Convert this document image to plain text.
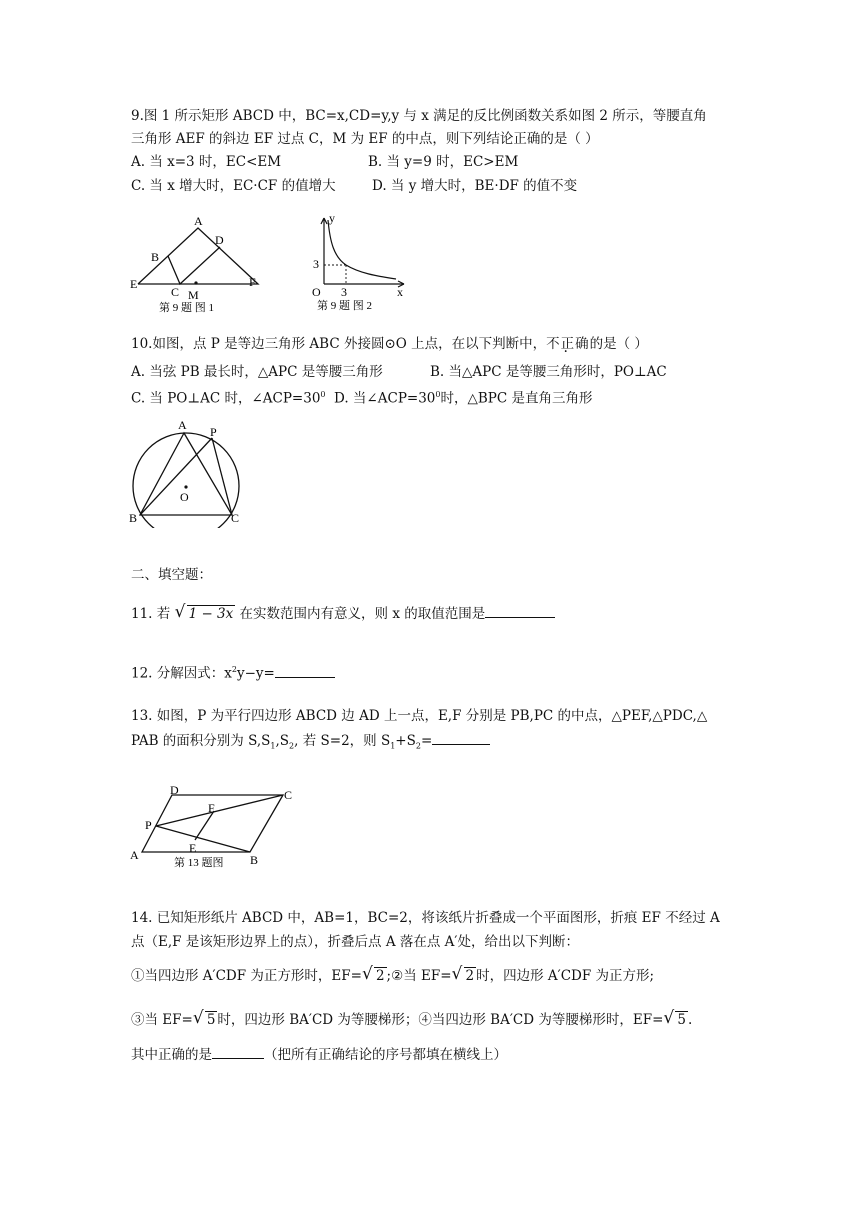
9.图 1 所示矩形 ABCD 中，BC=x,CD=y,y 与 x 满足的反比例函数关系如图 2 所示，等腰直角
三角形 AEF 的斜边 EF 过点 C，M 为 EF 的中点，则下列结论正确的是（ ）
A. 当 x=3 时，EC<EM	B. 当 y=9 时，EC>EM
C. 当 x 增大时，EC·CF 的值增大	D. 当 y 增大时，BE·DF 的值不变
A
D
B
E	F
C M
第 9 题 图 1
y
x
3
O 3
第 9 题 图 2
10.如图，点 P 是等边三角形 ABC 外接圆⊙O 上点，在以下判断中，不正确的是（ ）
A. 当弦 PB 最长时，△APC 是等腰三角形	B. 当△APC 是等腰三角形时，PO⊥AC
C. 当 PO⊥AC 时，$\angle ACP=30^0$ D. 当$\angle ACP=30^0$时，△BPC 是直角三角形
A P
O
B	C
二、填空题：
11. 若 √ 1 − 3x 在实数范围内有意义，则 x 的取值范围是
12. 分解因式：$x^2y-y=$
13. 如图，P 为平行四边形 ABCD 边 AD 上一点，E,F 分别是 PB,PC 的中点，△PEF,△PDC,△
PAB 的面积分别为 $S,S_1,S_2$, 若 S=2，则 $S_1+S_2=$
D	C
F
P
E
A	B
第 13 题图
14. 已知矩形纸片 ABCD 中，AB=1，BC=2，将该纸片折叠成一个平面图形，折痕 EF 不经过 A
点（E,F 是该矩形边界上的点），折叠后点 A 落在点 A′处，给出以下判断：
①当四边形 A′CDF 为正方形时，EF= √ 2 ;②当 EF= √ 2 时，四边形 A′CDF 为正方形;
③当 EF= √ 5 时，四边形 BA′CD 为等腰梯形；④当四边形 BA′CD 为等腰梯形时，EF= √ 5 .
其中正确的是	（把所有正确结论的序号都填在横线上）
